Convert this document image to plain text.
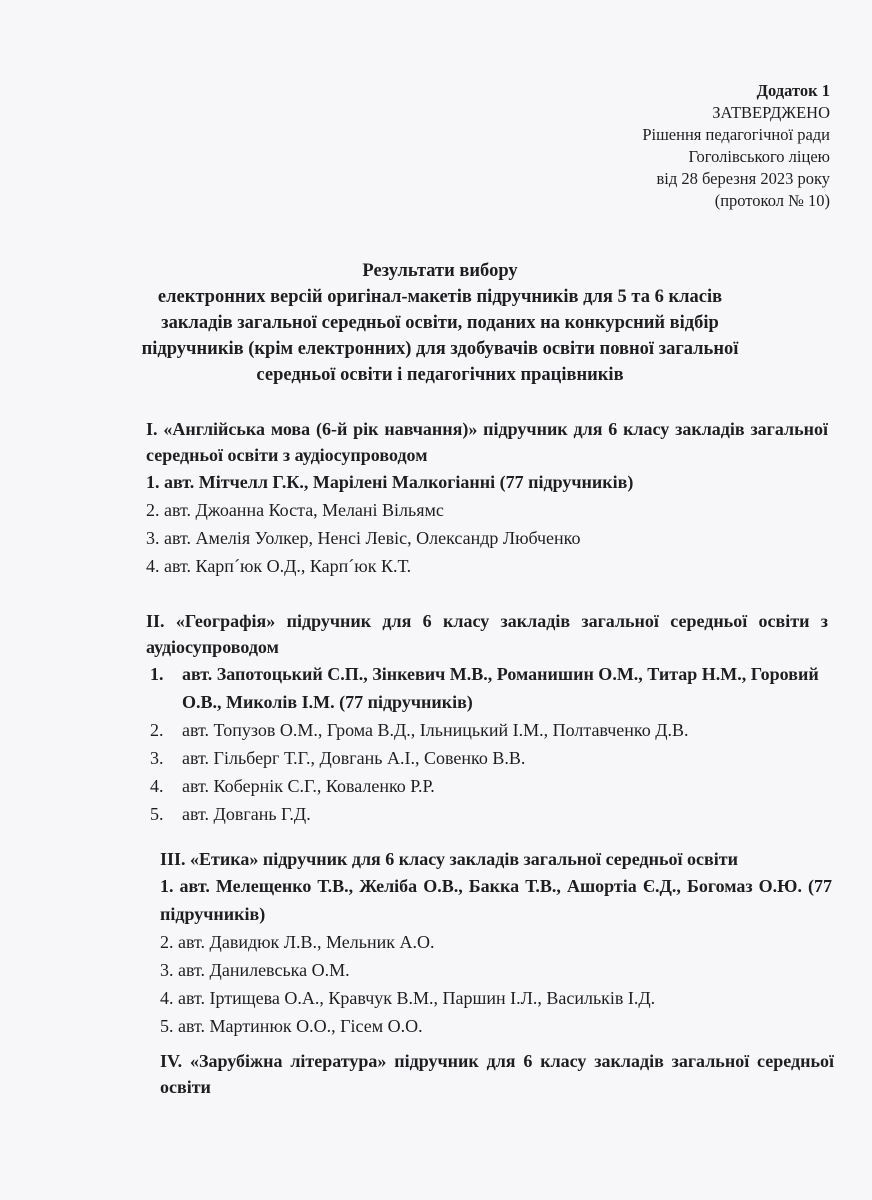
Додаток 1
ЗАТВЕРДЖЕНО
Рішення педагогічної ради
Гоголівського ліцею
від 28 березня 2023 року
(протокол № 10)
Результати вибору
електронних версій оригінал-макетів підручників для 5 та 6 класів
закладів загальної середньої освіти, поданих на конкурсний відбір
підручників (крім електронних) для здобувачів освіти повної загальної
середньої освіти і педагогічних працівників
І. «Англійська мова (6-й рік навчання)» підручник для 6 класу закладів загальної середньої освіти з аудіосупроводом
1. авт. Мітчелл Г.К., Марілені Малкогіанні (77 підручників)
2. авт. Джоанна Коста, Мелані Вільямс
3. авт. Амелія Уолкер, Ненсі Левіс, Олександр Любченко
4. авт. Карп´юк О.Д., Карп´юк К.Т.
ІІ. «Географія» підручник для 6 класу закладів загальної середньої освіти з аудіосупроводом
1.	авт. Запотоцький С.П., Зінкевич М.В., Романишин О.М., Титар Н.М., Горовий О.В., Миколів І.М. (77 підручників)
2.	авт. Топузов О.М., Грома В.Д., Ільницький І.М., Полтавченко Д.В.
3.	авт. Гільберг Т.Г., Довгань А.І., Совенко В.В.
4.	авт. Кобернік С.Г., Коваленко Р.Р.
5.	авт. Довгань Г.Д.
ІІІ. «Етика» підручник для 6 класу закладів загальної середньої освіти
1. авт. Мелещенко Т.В., Желіба О.В., Бакка Т.В., Ашортіа Є.Д., Богомаз О.Ю. (77 підручників)
2. авт. Давидюк Л.В., Мельник А.О.
3. авт. Данилевська О.М.
4. авт. Іртищева О.А., Кравчук В.М., Паршин І.Л., Васильків І.Д.
5. авт. Мартинюк О.О., Гісем О.О.
IV. «Зарубіжна література» підручник для 6 класу закладів загальної середньої освіти
